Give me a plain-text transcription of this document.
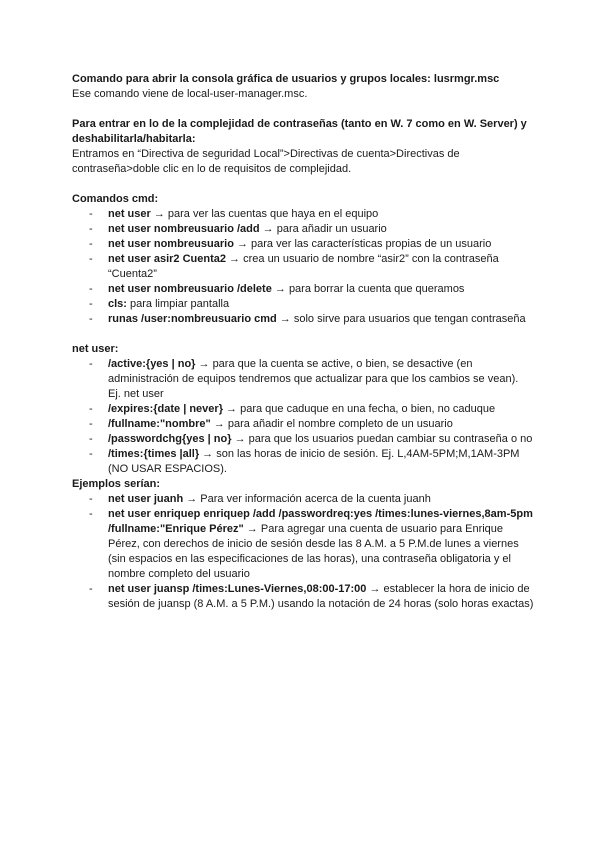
Comando para abrir la consola gráfica de usuarios y grupos locales: lusrmgr.msc

Ese comando viene de local-user-manager.msc.

Para entrar en lo de la complejidad de contraseñas (tanto en W. 7 como en W. Server) y deshabilitarla/habitarla:

Entramos en “Directiva de seguridad Local”>Directivas de cuenta>Directivas de contraseña>doble clic en lo de requisitos de complejidad.

Comandos cmd:

- net user → para ver las cuentas que haya en el equipo
- net user nombreusuario /add → para añadir un usuario
- net user nombreusuario → para ver las características propias de un usuario
- net user asir2 Cuenta2 → crea un usuario de nombre “asir2” con la contraseña “Cuenta2”
- net user nombreusuario /delete → para borrar la cuenta que queramos
- cls: para limpiar pantalla
- runas /user:nombreusuario cmd → solo sirve para usuarios que tengan contraseña

net user:

- /active:{yes | no} → para que la cuenta se active, o bien, se desactive (en administración de equipos tendremos que actualizar para que los cambios se vean). Ej. net user
- /expires:{date | never} → para que caduque en una fecha, o bien, no caduque
- /fullname:"nombre" → para añadir el nombre completo de un usuario
- /passwordchg{yes | no} → para que los usuarios puedan cambiar su contraseña o no
- /times:{times |all} → son las horas de inicio de sesión. Ej. L,4AM-5PM;M,1AM-3PM (NO USAR ESPACIOS).

Ejemplos serían:

- net user juanh → Para ver información acerca de la cuenta juanh
- net user enriquep enriquep /add /passwordreq:yes /times:lunes-viernes,8am-5pm /fullname:"Enrique Pérez" → Para agregar una cuenta de usuario para Enrique Pérez, con derechos de inicio de sesión desde las 8 A.M. a 5 P.M.de lunes a viernes (sin espacios en las especificaciones de las horas), una contraseña obligatoria y el nombre completo del usuario
- net user juansp /times:Lunes-Viernes,08:00-17:00 → establecer la hora de inicio de sesión de juansp (8 A.M. a 5 P.M.) usando la notación de 24 horas (solo horas exactas)
